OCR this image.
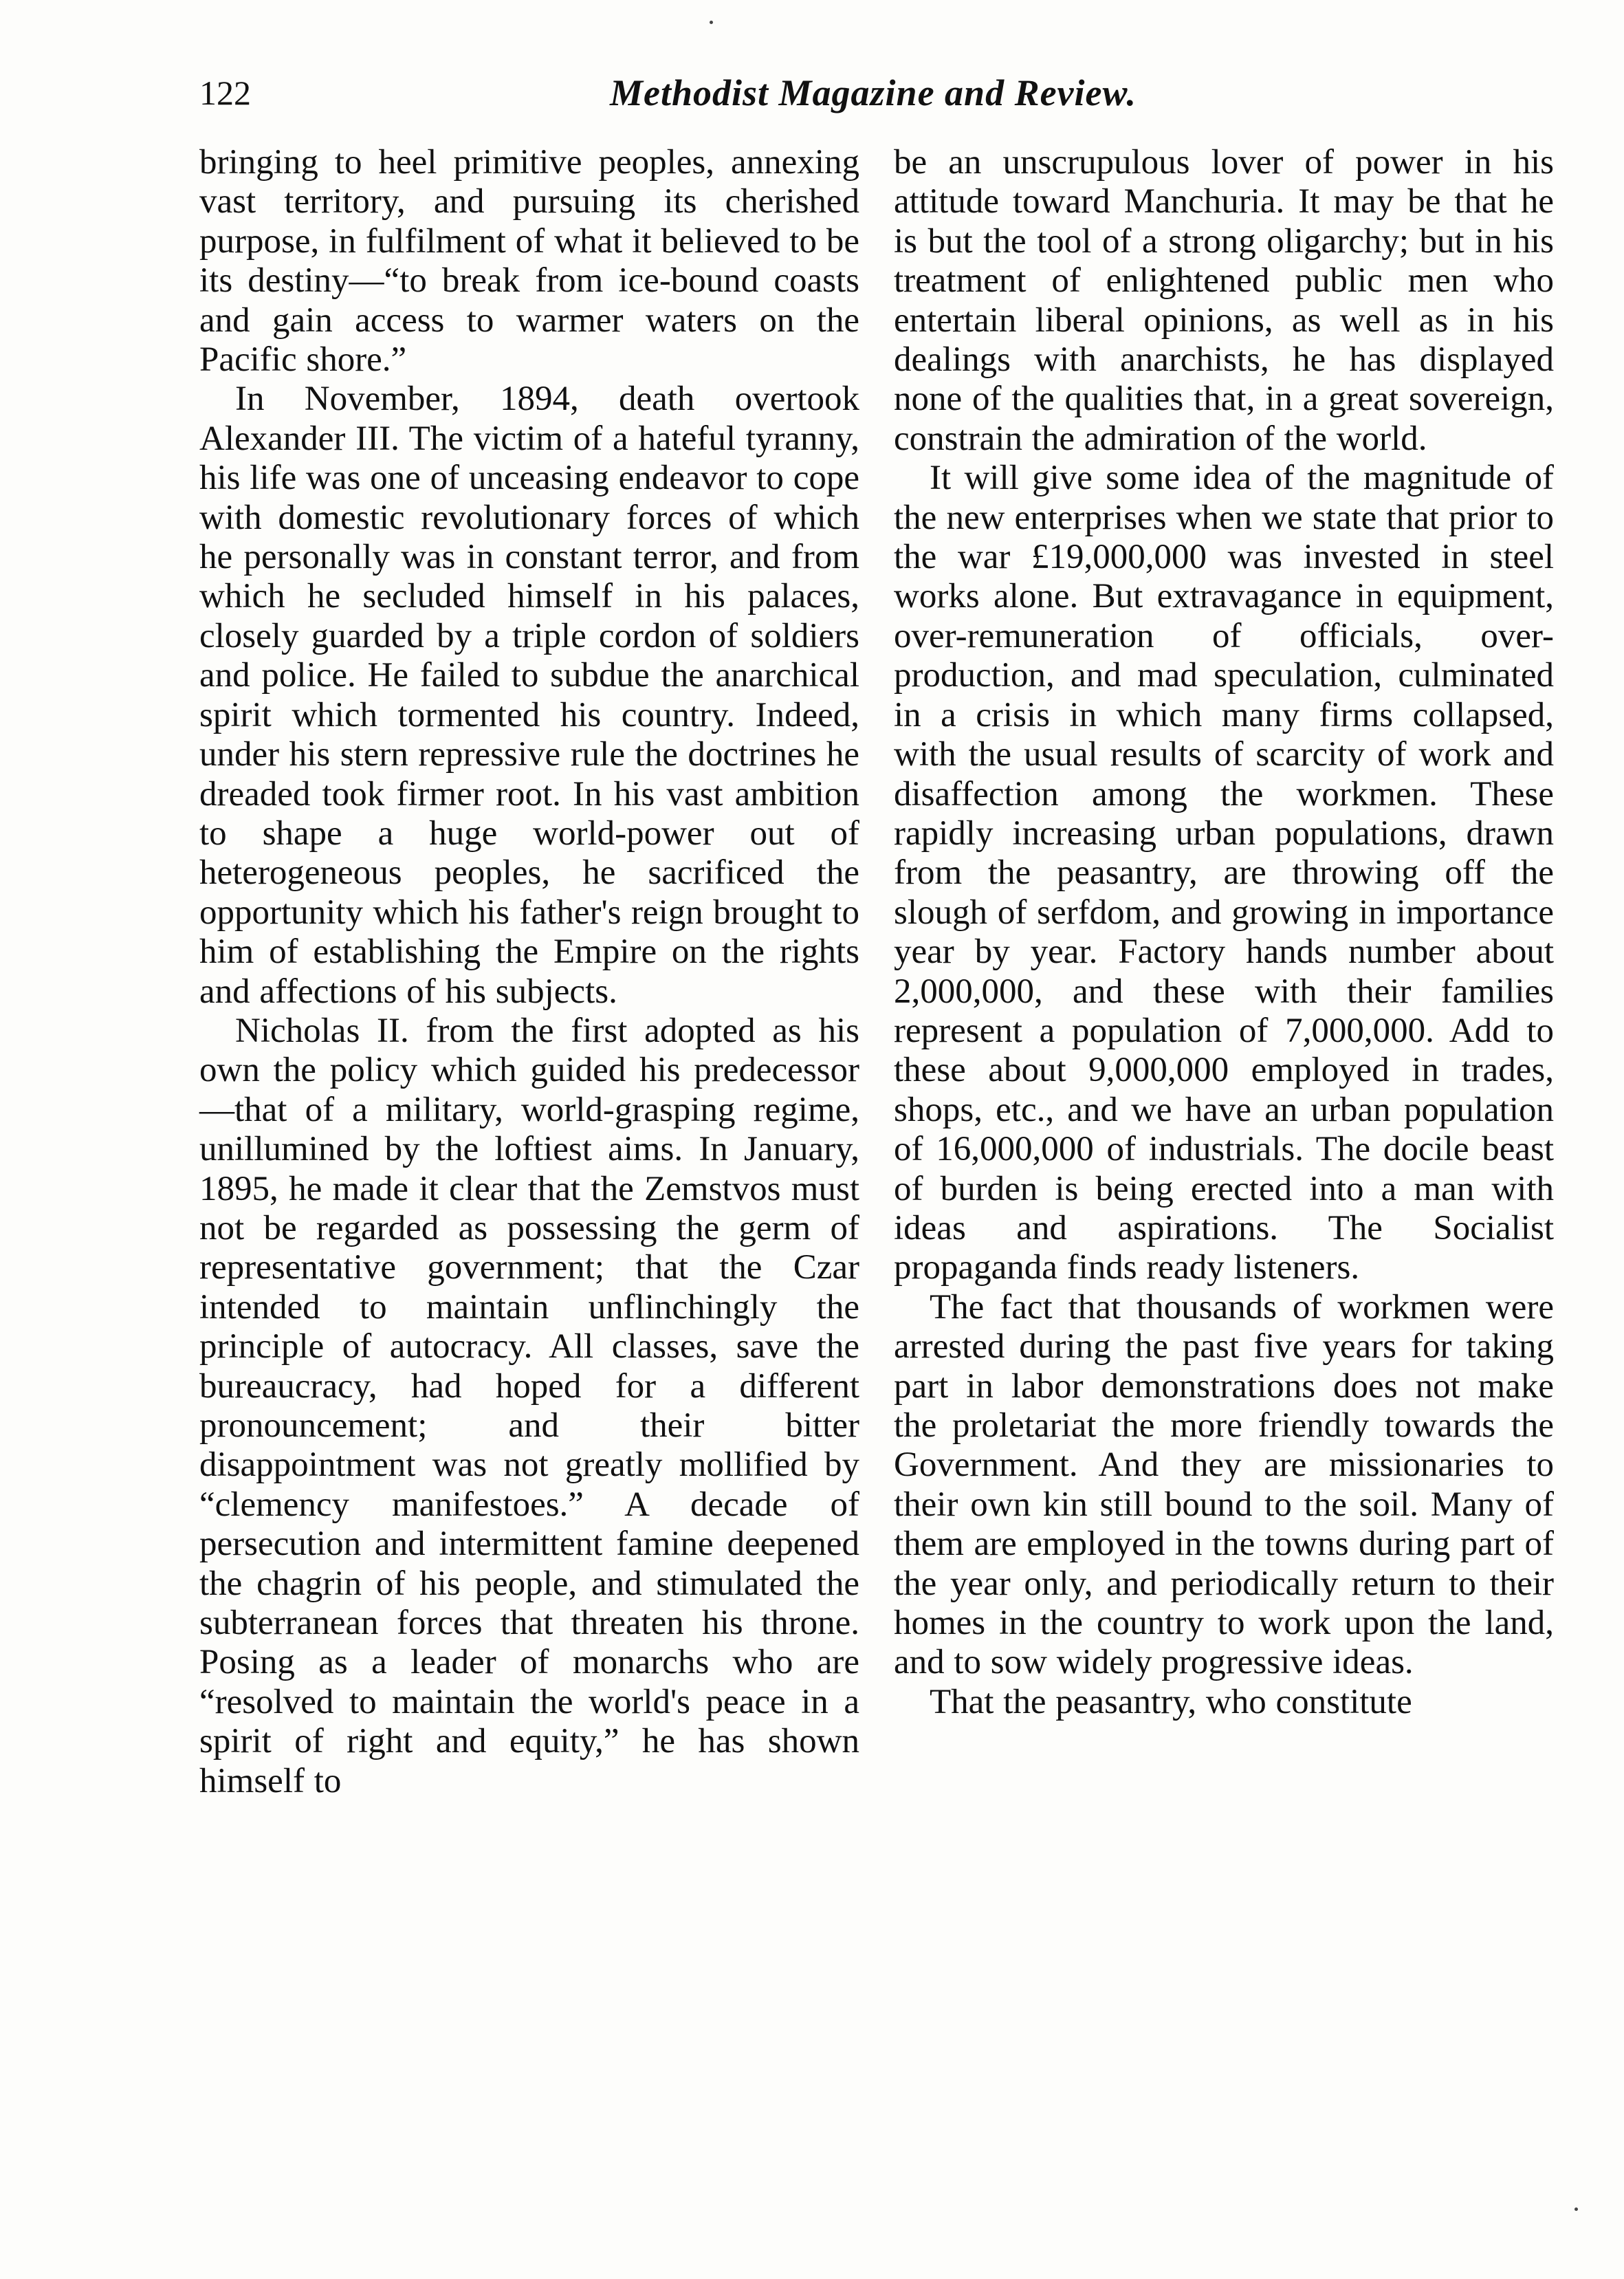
122	Methodist Magazine and Review.

bringing to heel primitive peoples, annexing vast territory, and pursuing its cherished purpose, in fulfilment of what it believed to be its destiny—“to break from ice-bound coasts and gain access to warmer waters on the Pacific shore.”

In November, 1894, death overtook Alexander III. The victim of a hateful tyranny, his life was one of unceasing endeavor to cope with domestic revolutionary forces of which he personally was in constant terror, and from which he secluded himself in his palaces, closely guarded by a triple cordon of soldiers and police. He failed to subdue the anarchical spirit which tormented his country. Indeed, under his stern repressive rule the doctrines he dreaded took firmer root. In his vast ambition to shape a huge world-power out of heterogeneous peoples, he sacrificed the opportunity which his father's reign brought to him of establishing the Empire on the rights and affections of his subjects.

Nicholas II. from the first adopted as his own the policy which guided his predecessor—that of a military, world-grasping regime, unillumined by the loftiest aims. In January, 1895, he made it clear that the Zemstvos must not be regarded as possessing the germ of representative government; that the Czar intended to maintain unflinchingly the principle of autocracy. All classes, save the bureaucracy, had hoped for a different pronouncement; and their bitter disappointment was not greatly mollified by “clemency manifestoes.” A decade of persecution and intermittent famine deepened the chagrin of his people, and stimulated the subterranean forces that threaten his throne. Posing as a leader of monarchs who are “resolved to maintain the world's peace in a spirit of right and equity,” he has shown himself to

be an unscrupulous lover of power in his attitude toward Manchuria. It may be that he is but the tool of a strong oligarchy; but in his treatment of enlightened public men who entertain liberal opinions, as well as in his dealings with anarchists, he has displayed none of the qualities that, in a great sovereign, constrain the admiration of the world.

It will give some idea of the magnitude of the new enterprises when we state that prior to the war £19,000,000 was invested in steel works alone. But extravagance in equipment, over-remuneration of officials, over-production, and mad speculation, culminated in a crisis in which many firms collapsed, with the usual results of scarcity of work and disaffection among the workmen. These rapidly increasing urban populations, drawn from the peasantry, are throwing off the slough of serfdom, and growing in importance year by year. Factory hands number about 2,000,000, and these with their families represent a population of 7,000,000. Add to these about 9,000,000 employed in trades, shops, etc., and we have an urban population of 16,000,000 of industrials. The docile beast of burden is being erected into a man with ideas and aspirations. The Socialist propaganda finds ready listeners.

The fact that thousands of workmen were arrested during the past five years for taking part in labor demonstrations does not make the proletariat the more friendly towards the Government. And they are missionaries to their own kin still bound to the soil. Many of them are employed in the towns during part of the year only, and periodically return to their homes in the country to work upon the land, and to sow widely progressive ideas.

That the peasantry, who constitute
